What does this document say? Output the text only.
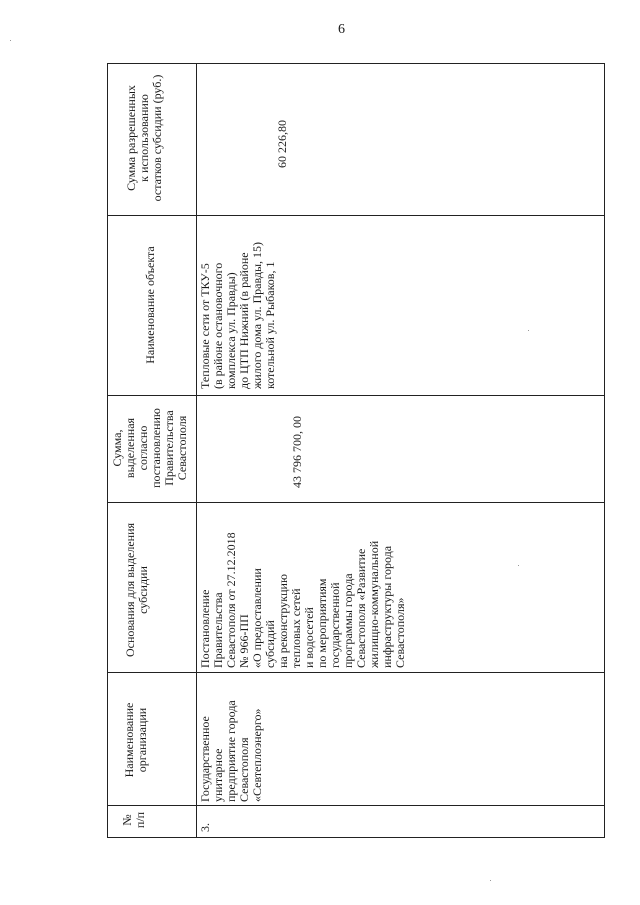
6
№ п/п
Наименование организации
Основания для выделения субсидии
Сумма, выделенная согласно постановлению Правительства Севастополя
Наименование объекта
Сумма разрешенных к использованию остатков субсидии (руб.)
3.
Государственное унитарное предприятие города Севастополя «Севтеплоэнерго»
Постановление Правительства Севастополя от 27.12.2018 № 966-ПП «О предоставлении субсидий на реконструкцию тепловых сетей и водосетей по мероприятиям государственной программы города Севастополя «Развитие жилищно-коммунальной инфраструктуры города Севастополя»
43 796 700, 00
Тепловые сети от ТКУ-5 (в районе остановочного комплекса ул. Правды) до ЦТП Нижний (в районе жилого дома ул. Правды, 15) котельной ул. Рыбаков, 1
60 226,80
